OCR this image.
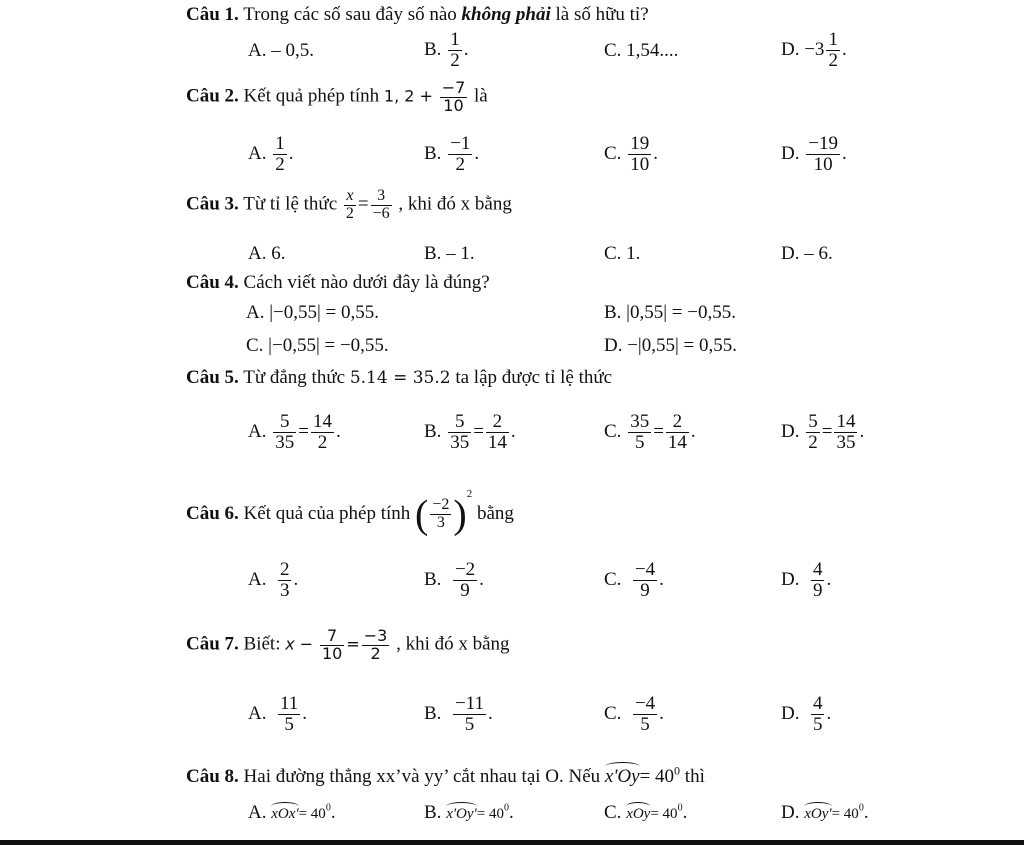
Câu 1. Trong các số sau đây số nào không phải là số hữu tỉ?
A. – 0,5.	B. $\frac{1}{2}$ .	C. 1,54....	D. $-3 \frac{1}{2}$ .
Câu 2. Kết quả phép tính 1, $2 + \frac{-7}{10}$ là
A. $\frac{1}{2}$ .	B. $\frac{-1}{2}$ .	C. $\frac{19}{10}$ .	D. $\frac{-19}{10}$ .
Câu 3. Từ tỉ lệ thức $\frac{x}{2} = \frac{3}{-6}$ , khi đó x bằng
A. 6.	B. – 1.	C. 1.	D. – 6.
Câu 4. Cách viết nào dưới đây là đúng?
A. |−0,55| = 0,55.	B. |0,55| = −0,55.
C. |−0,55| = −0,55.	D. −|0,55| = 0,55.
Câu 5. Từ đẳng thức 5.14 = 35.2 ta lập được tỉ lệ thức
A. $\frac{5}{35} = \frac{14}{2}$ .	B. $\frac{5}{35} = \frac{2}{14}$ .	C. $\frac{35}{5} = \frac{2}{14}$ .	D. $\frac{5}{2} = \frac{14}{35}$ .
Câu 6. Kết quả của phép tính ( $\frac{-2}{3} )^2$ bằng
A. $\frac{2}{3}$ .	B. $\frac{-2}{9}$ .	C. $\frac{-4}{9}$ .	D. $\frac{4}{9}$ .
Câu 7. Biết: $x - \frac{7}{10} = \frac{-3}{2}$ , khi đó x bằng
A. $\frac{11}{5}$ .	B. $\frac{-11}{5}$ .	C. $\frac{-4}{5}$ .	D. $\frac{4}{5}$ .
Câu 8. Hai đường thẳng xx’và yy’ cắt nhau tại O. Nếu $x'Oy= 40^0$ thì
A. $xOx'= 40^0$.	B. $x'Oy'= 40^0$.	C. $xOy= 40^0$.	D. $xOy'= 40^0$.
